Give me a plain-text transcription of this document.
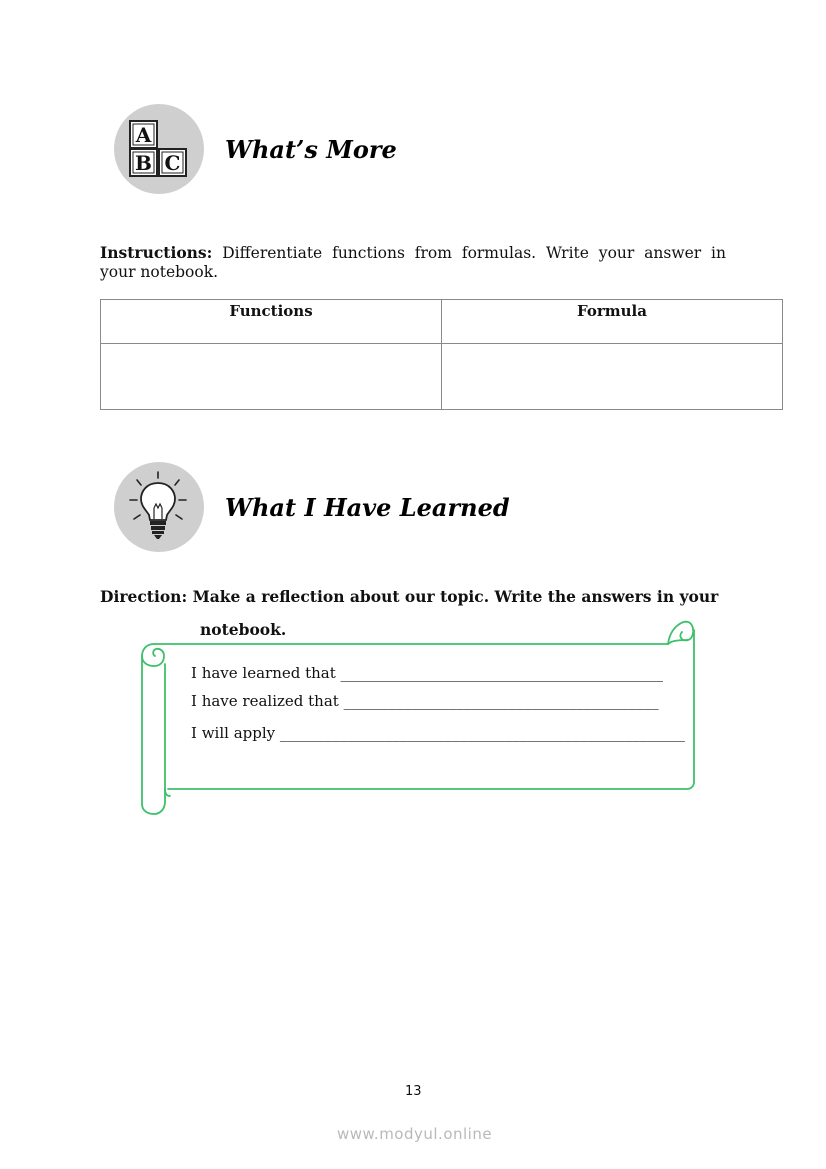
A
B C What’s More
Instructions: Differentiate functions from formulas. Write your answer in your notebook.
Functions	Formula

What I Have Learned
Direction: Make a reflection about our topic. Write the answers in your
notebook.
I have learned that ___________________________________________
I have realized that __________________________________________
I will apply ______________________________________________________
13
www.modyul.online
